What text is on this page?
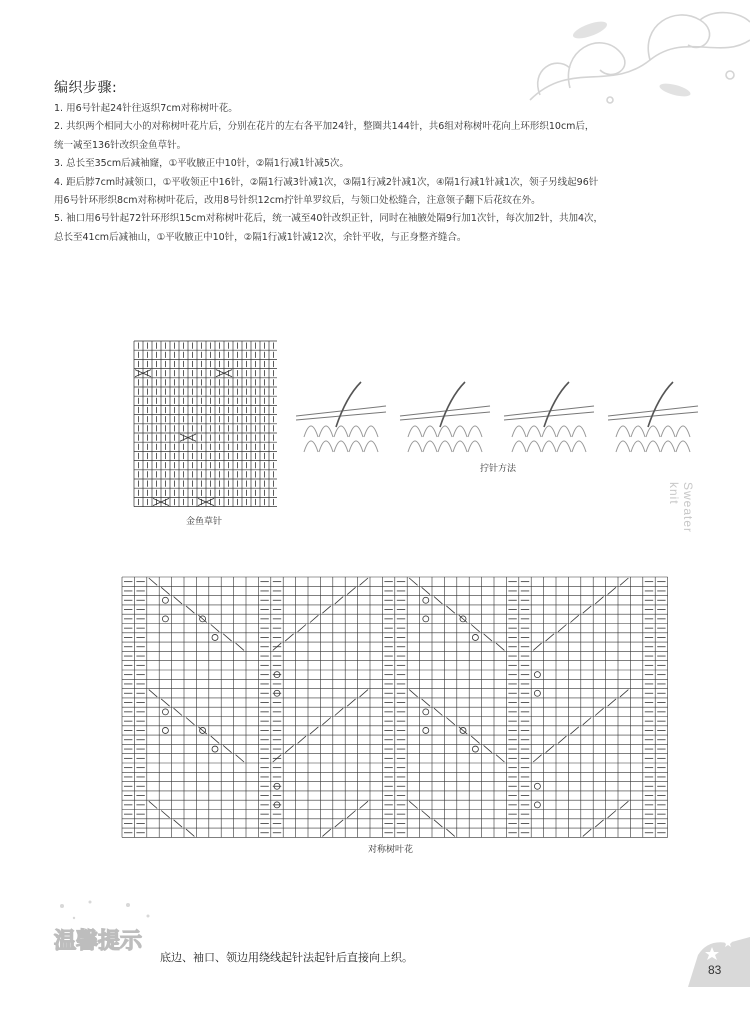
编织步骤:

1. 用6号针起24针往返织7cm对称树叶花。

2. 共织两个相同大小的对称树叶花片后，分别在花片的左右各平加24针，整圈共144针，共6组对称树叶花向上环形织10cm后，

统一减至136针改织金鱼草针。

3. 总长至35cm后减袖窿，①平收腋正中10针，②隔1行减1针减5次。

4. 距后脖7cm时减领口，①平收领正中16针，②隔1行减3针减1次，③隔1行减2针减1次，④隔1行减1针减1次，领子另线起96针

用6号针环形织8cm对称树叶花后，改用8号针织12cm拧针单罗纹后，与领口处松缝合，注意领子翻下后花纹在外。

5. 袖口用6号针起72针环形织15cm对称树叶花后，统一减至40针改织正针，同时在袖腋处隔9行加1次针，每次加2针，共加4次，

总长至41cm后减袖山，①平收腋正中10针，②隔1行减1针减12次，余针平收，与正身整齐缝合。

金鱼草针
拧针方法
Sweater knit
对称树叶花
温馨提示
底边、袖口、领边用绕线起针法起针后直接向上织。
83
